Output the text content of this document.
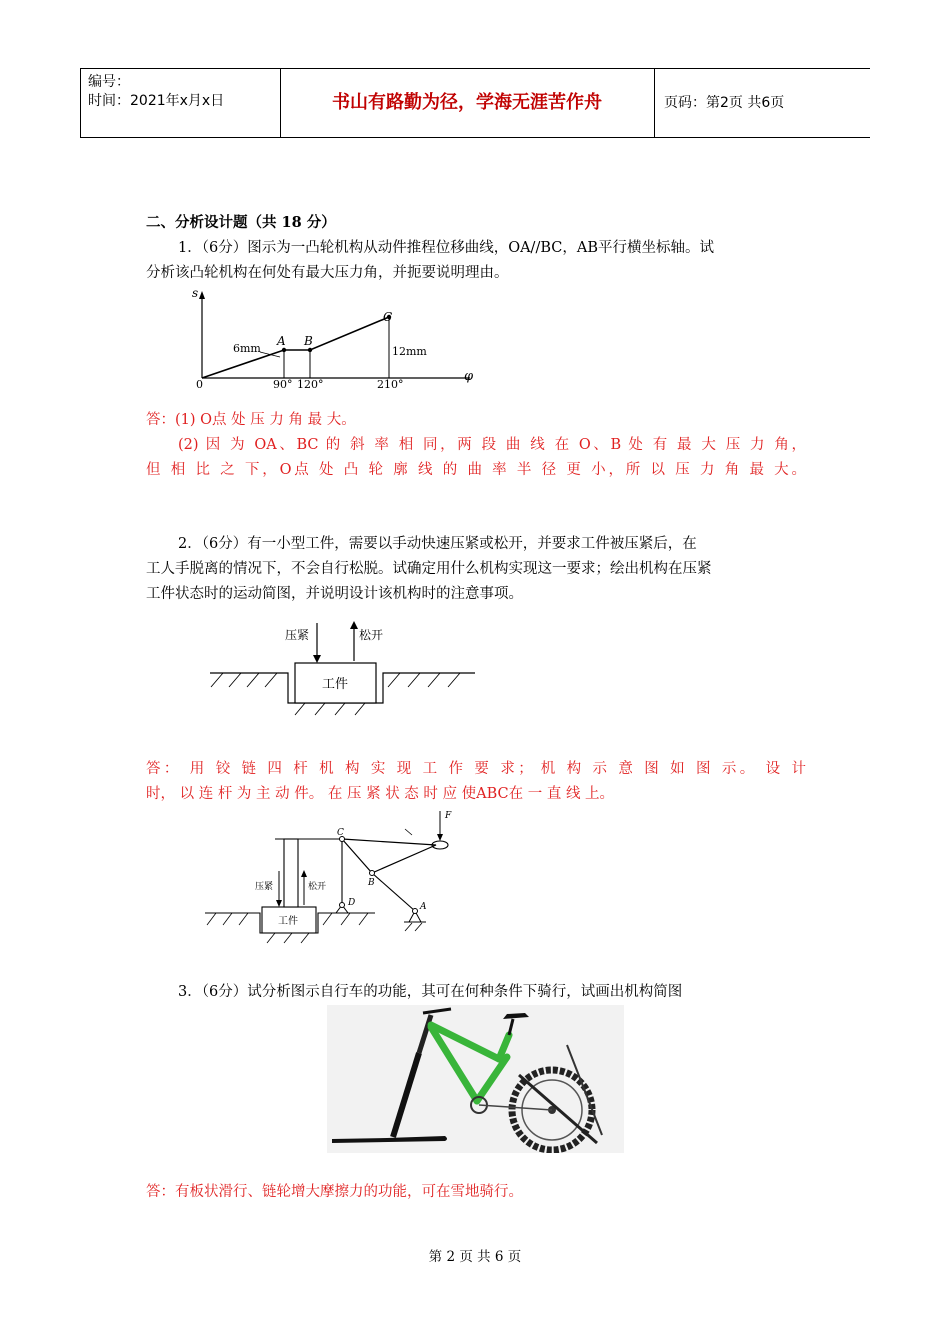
编号：
时间：2021年x月x日	书山有路勤为径，学海无涯苦作舟	页码：第2页 共6页
二、分析设计题（共 18 分）
1．（6分）图示为一凸轮机构从动件推程位移曲线，OA//BC，AB平行横坐标轴。试
分析该凸轮机构在何处有最大压力角，并扼要说明理由。
s
φ
0	90° 120°	210°
A B
C
6mm	12mm
答：(1) O点 处 压 力 角 最 大。
(2) 因 为 OA、BC 的 斜 率 相 同，两 段 曲 线 在 O、B 处 有 最 大 压 力 角，
但 相 比 之 下，O点 处 凸 轮 廓 线 的 曲 率 半 径 更 小，所 以 压 力 角 最 大。
2．（6分）有一小型工件，需要以手动快速压紧或松开，并要求工件被压紧后，在
工人手脱离的情况下，不会自行松脱。试确定用什么机构实现这一要求；绘出机构在压紧
工件状态时的运动简图，并说明设计该机构时的注意事项。
工件
压紧	松开
答： 用 铰 链 四 杆 机 构 实 现 工 作 要 求； 机 构 示 意 图 如 图 示。 设 计
时， 以 连 杆 为 主 动 件。 在 压 紧 状 态 时 应 使ABC在 一 直 线 上。
工件
压紧	松开
F
C
B
D	A
3．（6分）试分析图示自行车的功能，其可在何种条件下骑行，试画出机构简图
答：有板状滑行、链轮增大摩擦力的功能，可在雪地骑行。
第 2 页 共 6 页
